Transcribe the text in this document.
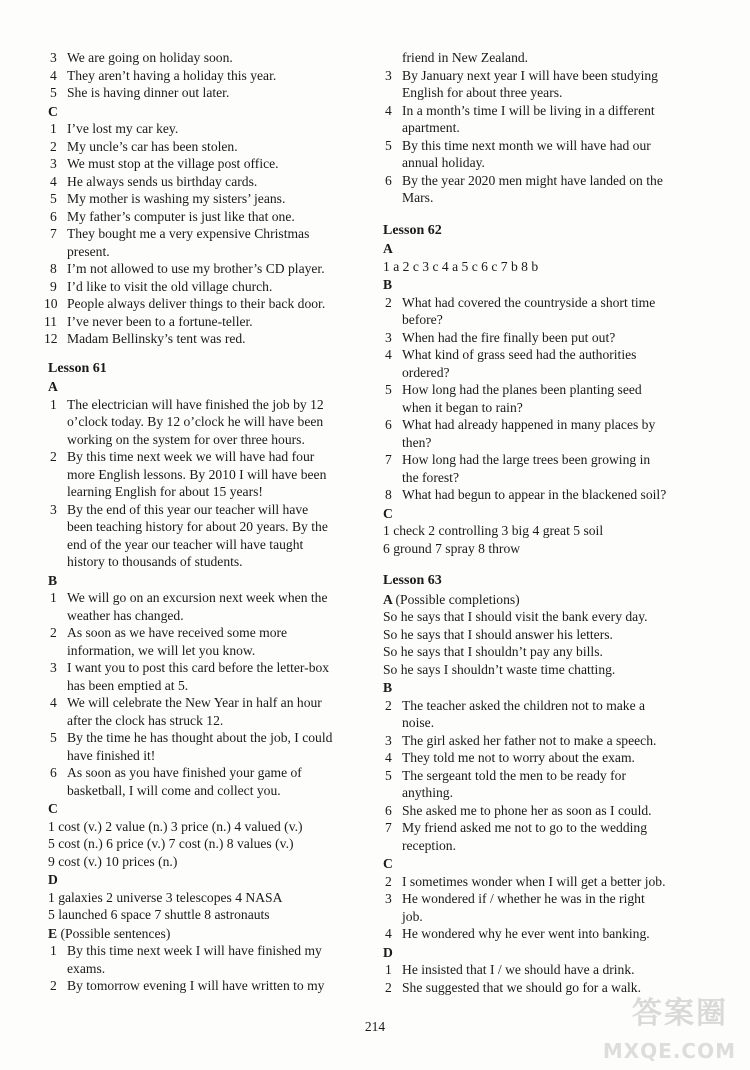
3 We are going on holiday soon.
4 They aren’t having a holiday this year.
5 She is having dinner out later.
C
1 I’ve lost my car key.
2 My uncle’s car has been stolen.
3 We must stop at the village post office.
4 He always sends us birthday cards.
5 My mother is washing my sisters’ jeans.
6 My father’s computer is just like that one.
7 They bought me a very expensive Christmas
present.
8 I’m not allowed to use my brother’s CD player.
9 I’d like to visit the old village church.
10 People always deliver things to their back door.
11 I’ve never been to a fortune-teller.
12 Madam Bellinsky’s tent was red.
Lesson 61
A
1 The electrician will have finished the job by 12
o’clock today. By 12 o’clock he will have been
working on the system for over three hours.
2 By this time next week we will have had four
more English lessons. By 2010 I will have been
learning English for about 15 years!
3 By the end of this year our teacher will have
been teaching history for about 20 years. By the
end of the year our teacher will have taught
history to thousands of students.
B
1 We will go on an excursion next week when the
weather has changed.
2 As soon as we have received some more
information, we will let you know.
3 I want you to post this card before the letter-box
has been emptied at 5.
4 We will celebrate the New Year in half an hour
after the clock has struck 12.
5 By the time he has thought about the job, I could
have finished it!
6 As soon as you have finished your game of
basketball, I will come and collect you.
C
1 cost (v.) 2 value (n.) 3 price (n.) 4 valued (v.)
5 cost (n.) 6 price (v.) 7 cost (n.) 8 values (v.)
9 cost (v.) 10 prices (n.)
D
1 galaxies 2 universe 3 telescopes 4 NASA
5 launched 6 space 7 shuttle 8 astronauts
E (Possible sentences)
1 By this time next week I will have finished my
exams.
2 By tomorrow evening I will have written to my
friend in New Zealand.
3 By January next year I will have been studying
English for about three years.
4 In a month’s time I will be living in a different
apartment.
5 By this time next month we will have had our
annual holiday.
6 By the year 2020 men might have landed on the
Mars.
Lesson 62
A
1 a 2 c 3 c 4 a 5 c 6 c 7 b 8 b
B
2 What had covered the countryside a short time
before?
3 When had the fire finally been put out?
4 What kind of grass seed had the authorities
ordered?
5 How long had the planes been planting seed
when it began to rain?
6 What had already happened in many places by
then?
7 How long had the large trees been growing in
the forest?
8 What had begun to appear in the blackened soil?
C
1 check 2 controlling 3 big 4 great 5 soil
6 ground 7 spray 8 throw
Lesson 63
A (Possible completions)
So he says that I should visit the bank every day.
So he says that I should answer his letters.
So he says that I shouldn’t pay any bills.
So he says I shouldn’t waste time chatting.
B
2 The teacher asked the children not to make a
noise.
3 The girl asked her father not to make a speech.
4 They told me not to worry about the exam.
5 The sergeant told the men to be ready for
anything.
6 She asked me to phone her as soon as I could.
7 My friend asked me not to go to the wedding
reception.
C
2 I sometimes wonder when I will get a better job.
3 He wondered if / whether he was in the right
job.
4 He wondered why he ever went into banking.
D
1 He insisted that I / we should have a drink.
2 She suggested that we should go for a walk.
214	答案圈
MXQE.COM
